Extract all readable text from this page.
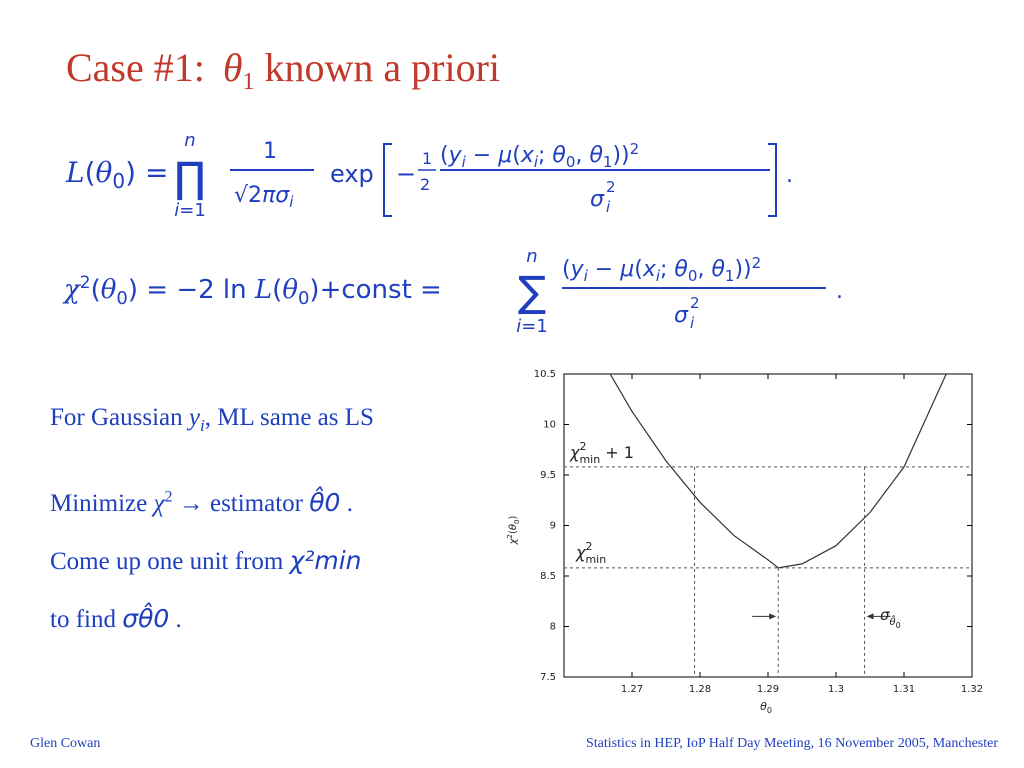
Case #1: $\theta_1$ known a priori
$L(\theta_0)$ =
n
∏
i=1
1
$√2\pi\sigma_i$
exp −
1
2
($y_i - \mu(x_i$; $\theta_0$, $\theta_1))^2$
σ i
2	.
$\chi^2(\theta_0) = -2$ $\ln L(\theta_0)+const$ =
n
∑
i=1
($y_i - \mu(x_i$; $\theta_0$, $\theta_1))^2$
σ i
2	.
For Gaussian $y_i$, ML same as LS
Minimize $\chi^2$ → estimator θ̂0 .
Come up one unit from χ²min
to find σθ̂0 .
1.27	1.28	1.29	1.3	1.31	1.32
7.5
8
8.5
9
9.5
10
10.5
$\theta_0$
$\chi^2(\theta_0)$
$\chi^2$ min + 1
$\chi^2$ min
$\sigma_{\thetâ0}$
Glen Cowan	Statistics in HEP, IoP Half Day Meeting, 16 November 2005, Manchester
